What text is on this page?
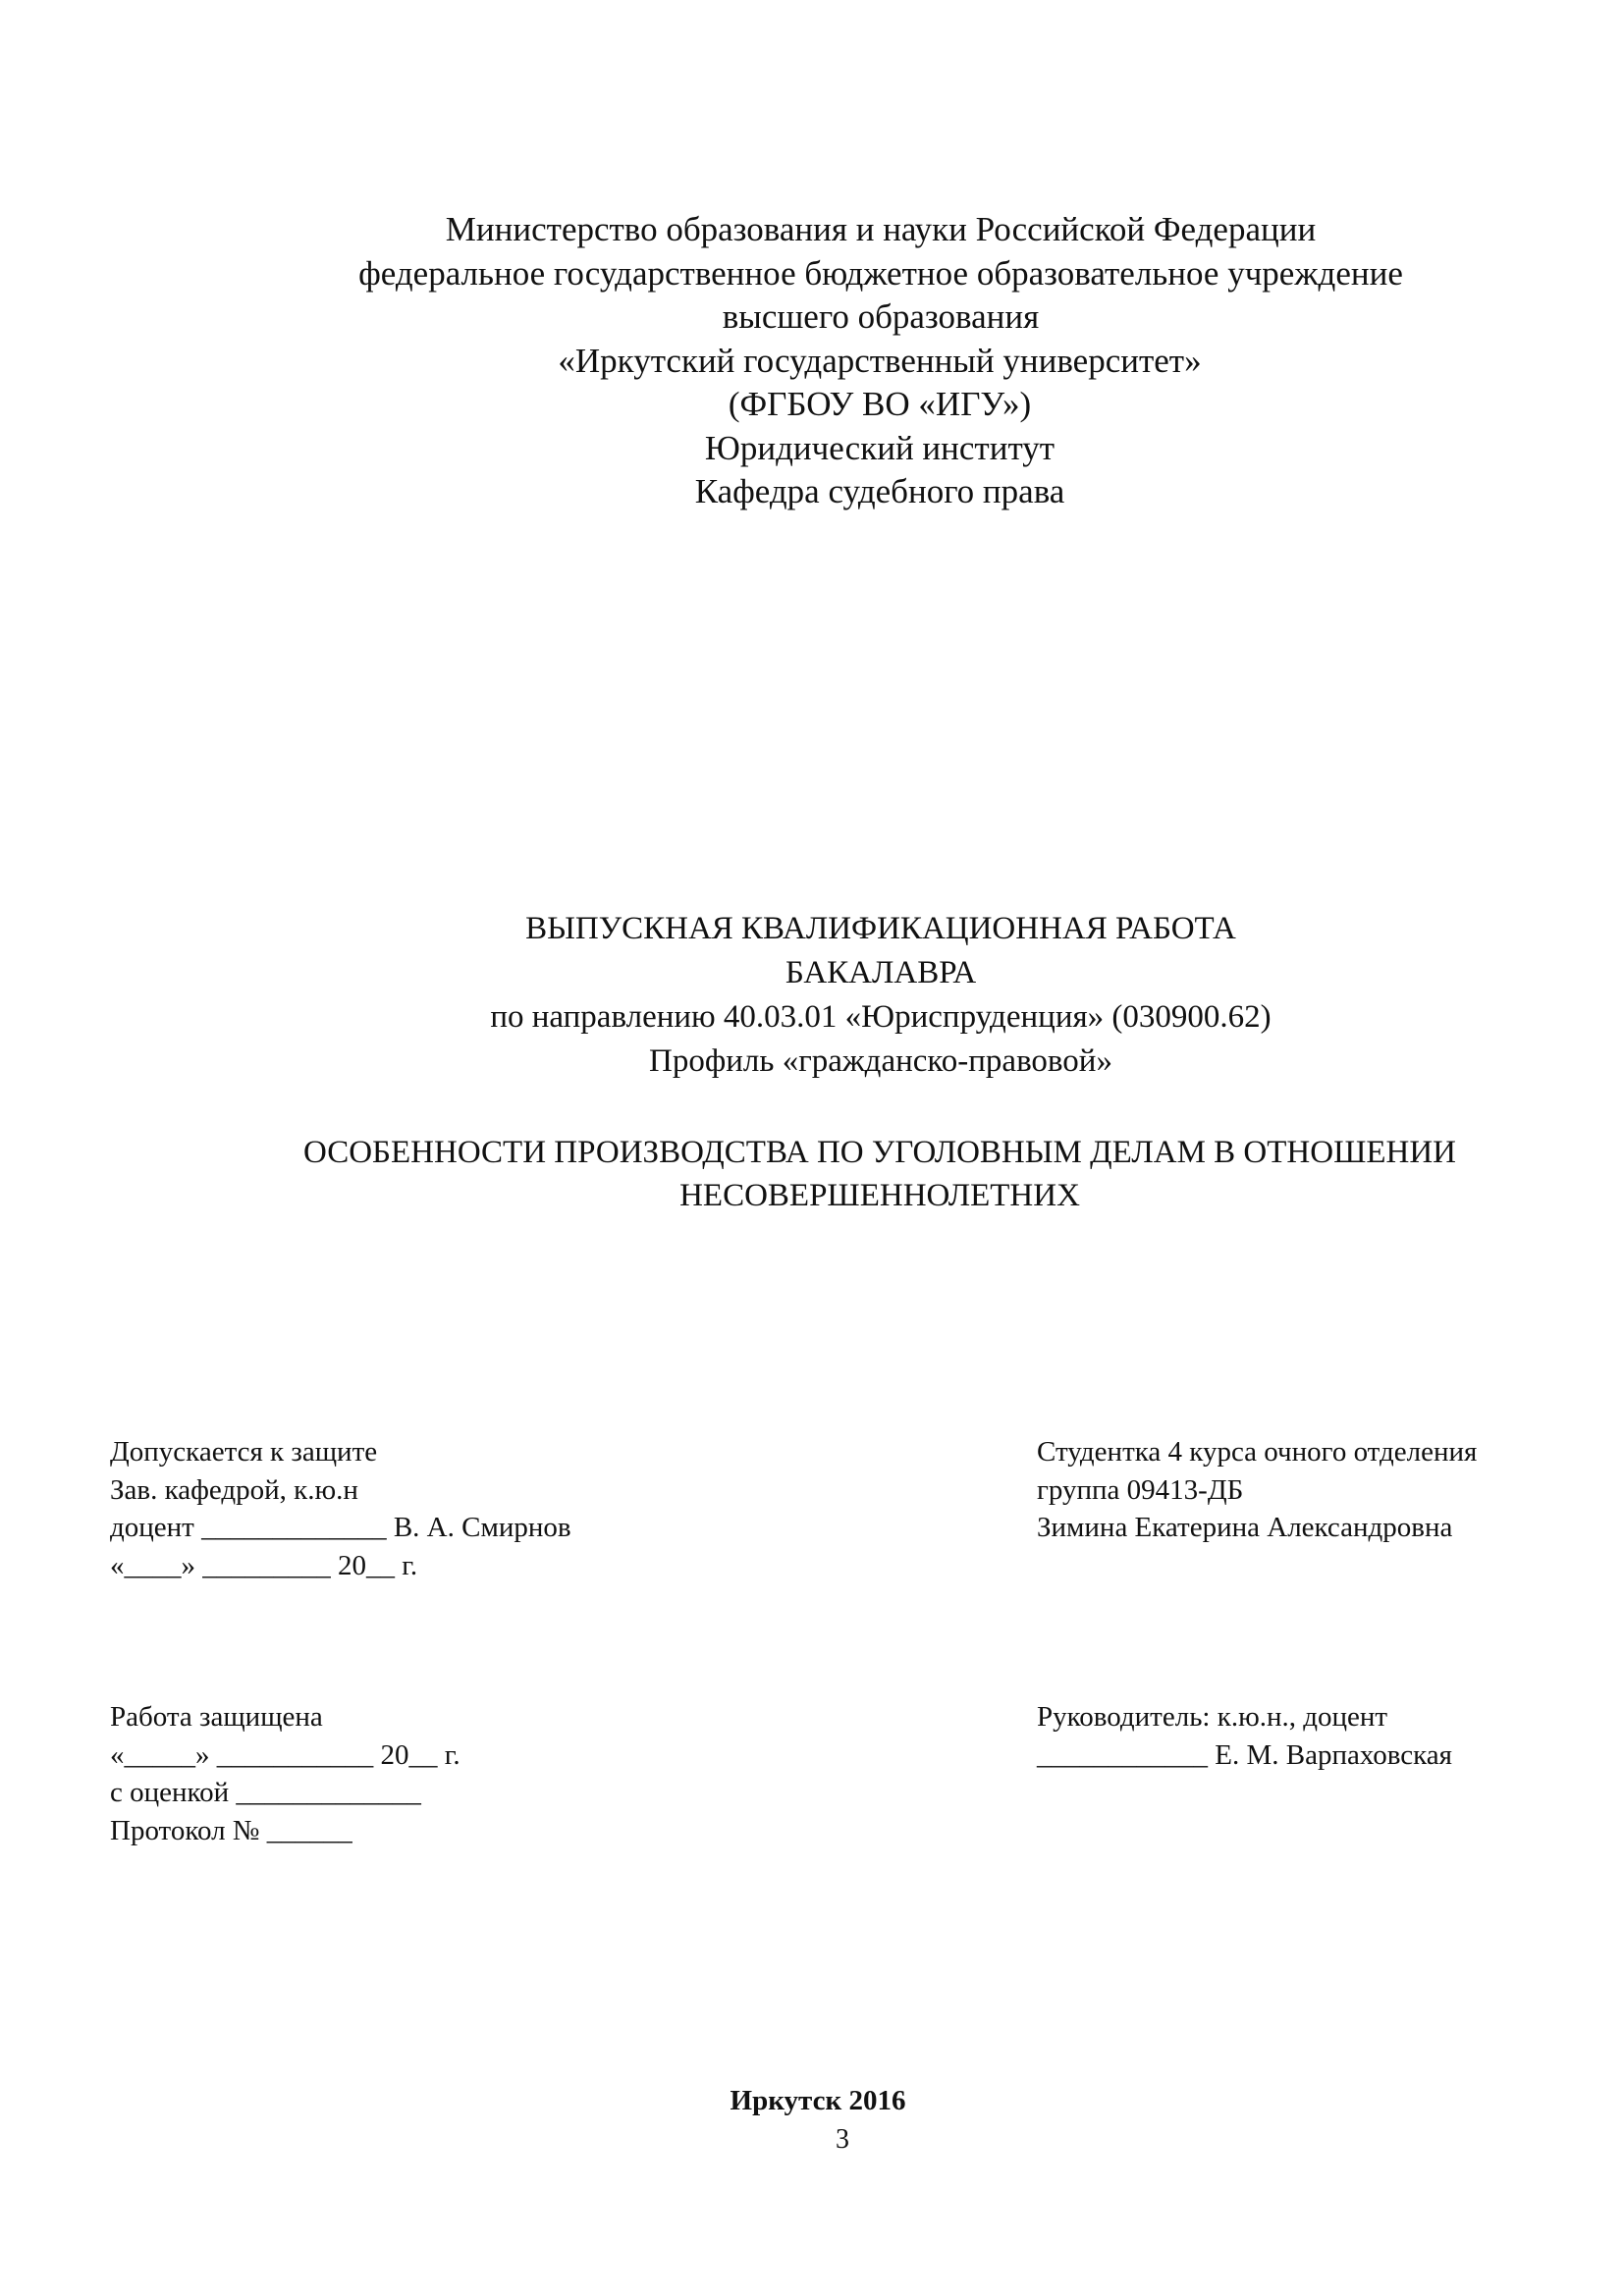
Министерство образования и науки Российской Федерации
федеральное государственное бюджетное образовательное учреждение
высшего образования
«Иркутский государственный университет»
(ФГБОУ ВО «ИГУ»)
Юридический институт
Кафедра судебного права
ВЫПУСКНАЯ КВАЛИФИКАЦИОННАЯ РАБОТА
БАКАЛАВРА
по направлению 40.03.01 «Юриспруденция» (030900.62)
Профиль «гражданско-правовой»
ОСОБЕННОСТИ ПРОИЗВОДСТВА ПО УГОЛОВНЫМ ДЕЛАМ В ОТНОШЕНИИ
НЕСОВЕРШЕННОЛЕТНИХ
Допускается к защите
Зав. кафедрой, к.ю.н
доцент _____________ В. А. Смирнов
«____» _________ 20__ г.
Студентка 4 курса очного отделения
группа 09413-ДБ
Зимина Екатерина Александровна
Работа защищена
«_____» ___________ 20__ г.
с оценкой _____________
Протокол № ______
Руководитель: к.ю.н., доцент
____________ Е. М. Варпаховская
Иркутск 2016
3
